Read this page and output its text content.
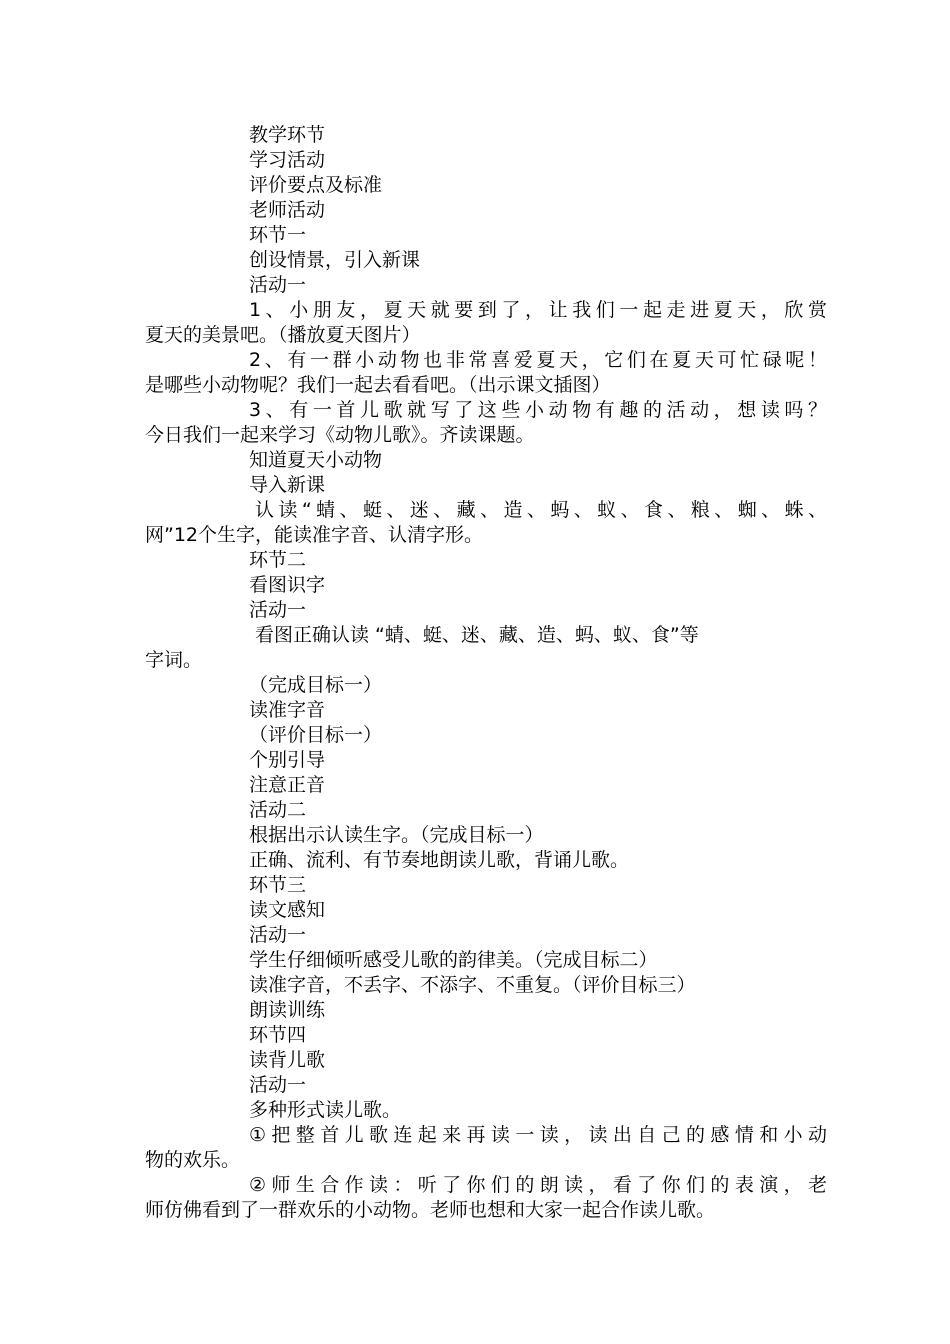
教学环节
学习活动
评价要点及标准
老师活动
环节一
创设情景，引入新课
活动一
1、小朋友，夏天就要到了，让我们一起走进夏天，欣赏
夏天的美景吧。（播放夏天图片）
2、有一群小动物也非常喜爱夏天，它们在夏天可忙碌呢！
是哪些小动物呢？我们一起去看看吧。（出示课文插图）
3、有一首儿歌就写了这些小动物有趣的活动，想读吗？
今日我们一起来学习《动物儿歌》。齐读课题。
知道夏天小动物
导入新课
认读“蜻、蜓、迷、藏、造、蚂、蚁、食、粮、蜘、蛛、
网”12个生字，能读准字音、认清字形。
环节二
看图识字
活动一
看图正确认读 “蜻、蜓、迷、藏、造、蚂、蚁、食”等
字词。
（完成目标一）
读准字音
（评价目标一）
个别引导
注意正音
活动二
根据出示认读生字。（完成目标一）
正确、流利、有节奏地朗读儿歌，背诵儿歌。
环节三
读文感知
活动一
学生仔细倾听感受儿歌的韵律美。（完成目标二）
读准字音，不丢字、不添字、不重复。（评价目标三）
朗读训练
环节四
读背儿歌
活动一
多种形式读儿歌。
①把整首儿歌连起来再读一读，读出自己的感情和小动
物的欢乐。
②师生合作读：听了你们的朗读，看了你们的表演，老
师仿佛看到了一群欢乐的小动物。老师也想和大家一起合作读儿歌。
